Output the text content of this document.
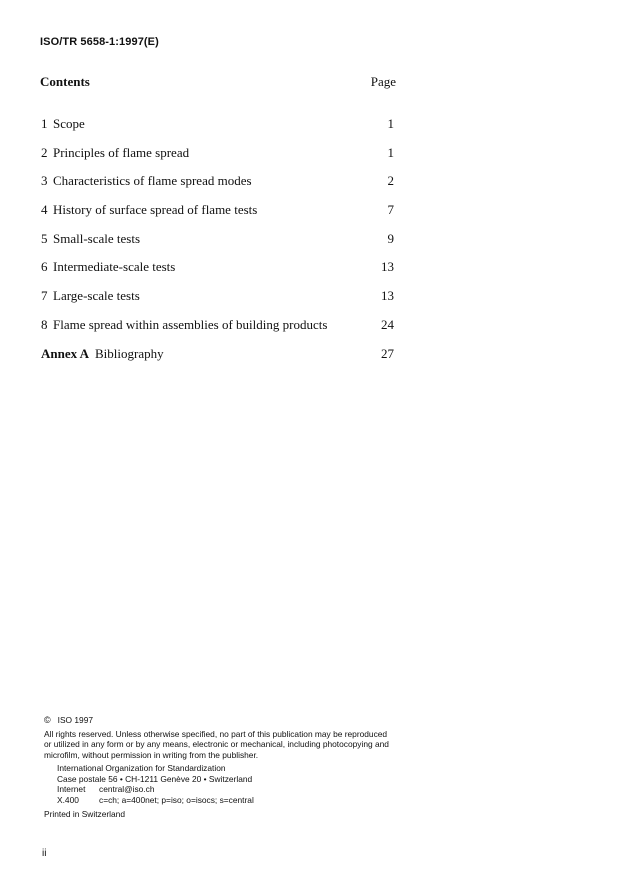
ISO/TR 5658-1:1997(E)
Contents	Page
1 Scope	1
2 Principles of flame spread	1
3 Characteristics of flame spread modes	2
4 History of surface spread of flame tests	7
5 Small-scale tests	9
6 Intermediate-scale tests	13
7 Large-scale tests	13
8 Flame spread within assemblies of building products	24
Annex A Bibliography	27
© ISO 1997
All rights reserved. Unless otherwise specified, no part of this publication may be reproduced
or utilized in any form or by any means, electronic or mechanical, including photocopying and
microfilm, without permission in writing from the publisher.
International Organization for Standardization
Case postale 56 • CH-1211 Genève 20 • Switzerland
Internet	central@iso.ch
X.400	c=ch; a=400net; p=iso; o=isocs; s=central
Printed in Switzerland
ii
